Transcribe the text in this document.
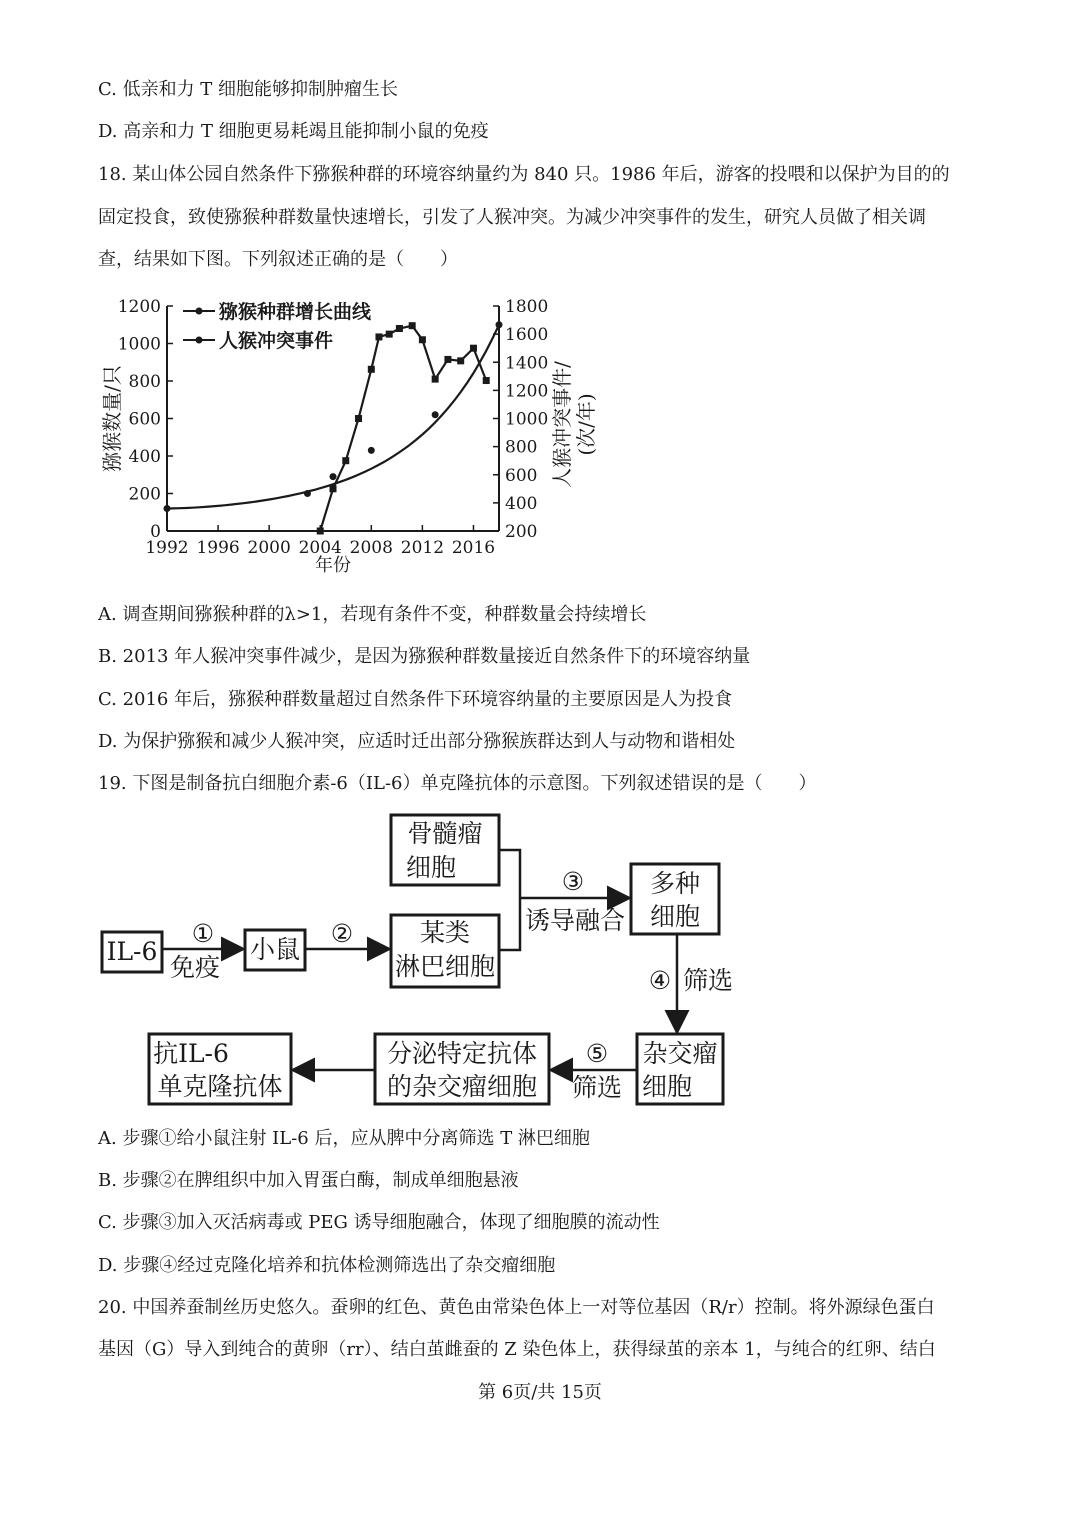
C. 低亲和力 T 细胞能够抑制肿瘤生长
D. 高亲和力 T 细胞更易耗竭且能抑制小鼠的免疫
18. 某山体公园自然条件下猕猴种群的环境容纳量约为 840 只。1986 年后，游客的投喂和以保护为目的的
固定投食，致使猕猴种群数量快速增长，引发了人猴冲突。为减少冲突事件的发生，研究人员做了相关调
查，结果如下图。下列叙述正确的是（　　）
0
200
400
600
800
1000
1200
200
400
600
800
1000
1200
1400
1600
1800
1992 1996 2000 2004 2008 2012 2016
年份
猕猴数量/只	人猴冲突事件/ (次/年)
猕猴种群增长曲线
人猴冲突事件
A. 调查期间猕猴种群的λ>1，若现有条件不变，种群数量会持续增长
B. 2013 年人猴冲突事件减少，是因为猕猴种群数量接近自然条件下的环境容纳量
C. 2016 年后，猕猴种群数量超过自然条件下环境容纳量的主要原因是人为投食
D. 为保护猕猴和减少人猴冲突，应适时迁出部分猕猴族群达到人与动物和谐相处
19. 下图是制备抗白细胞介素-6（IL-6）单克隆抗体的示意图。下列叙述错误的是（　　）
IL-6	小鼠
某类
淋巴细胞
骨髓瘤
细胞
多种
细胞
杂交瘤
细胞
分泌特定抗体
的杂交瘤细胞
抗IL-6
单克隆抗体
①
免疫
②
③
诱导融合
④ 筛选
⑤
筛选
A. 步骤①给小鼠注射 IL-6 后，应从脾中分离筛选 T 淋巴细胞
B. 步骤②在脾组织中加入胃蛋白酶，制成单细胞悬液
C. 步骤③加入灭活病毒或 PEG 诱导细胞融合，体现了细胞膜的流动性
D. 步骤④经过克隆化培养和抗体检测筛选出了杂交瘤细胞
20. 中国养蚕制丝历史悠久。蚕卵的红色、黄色由常染色体上一对等位基因（R/r）控制。将外源绿色蛋白
基因（G）导入到纯合的黄卵（rr）、结白茧雌蚕的 Z 染色体上，获得绿茧的亲本 1，与纯合的红卵、结白
第 6页/共 15页
